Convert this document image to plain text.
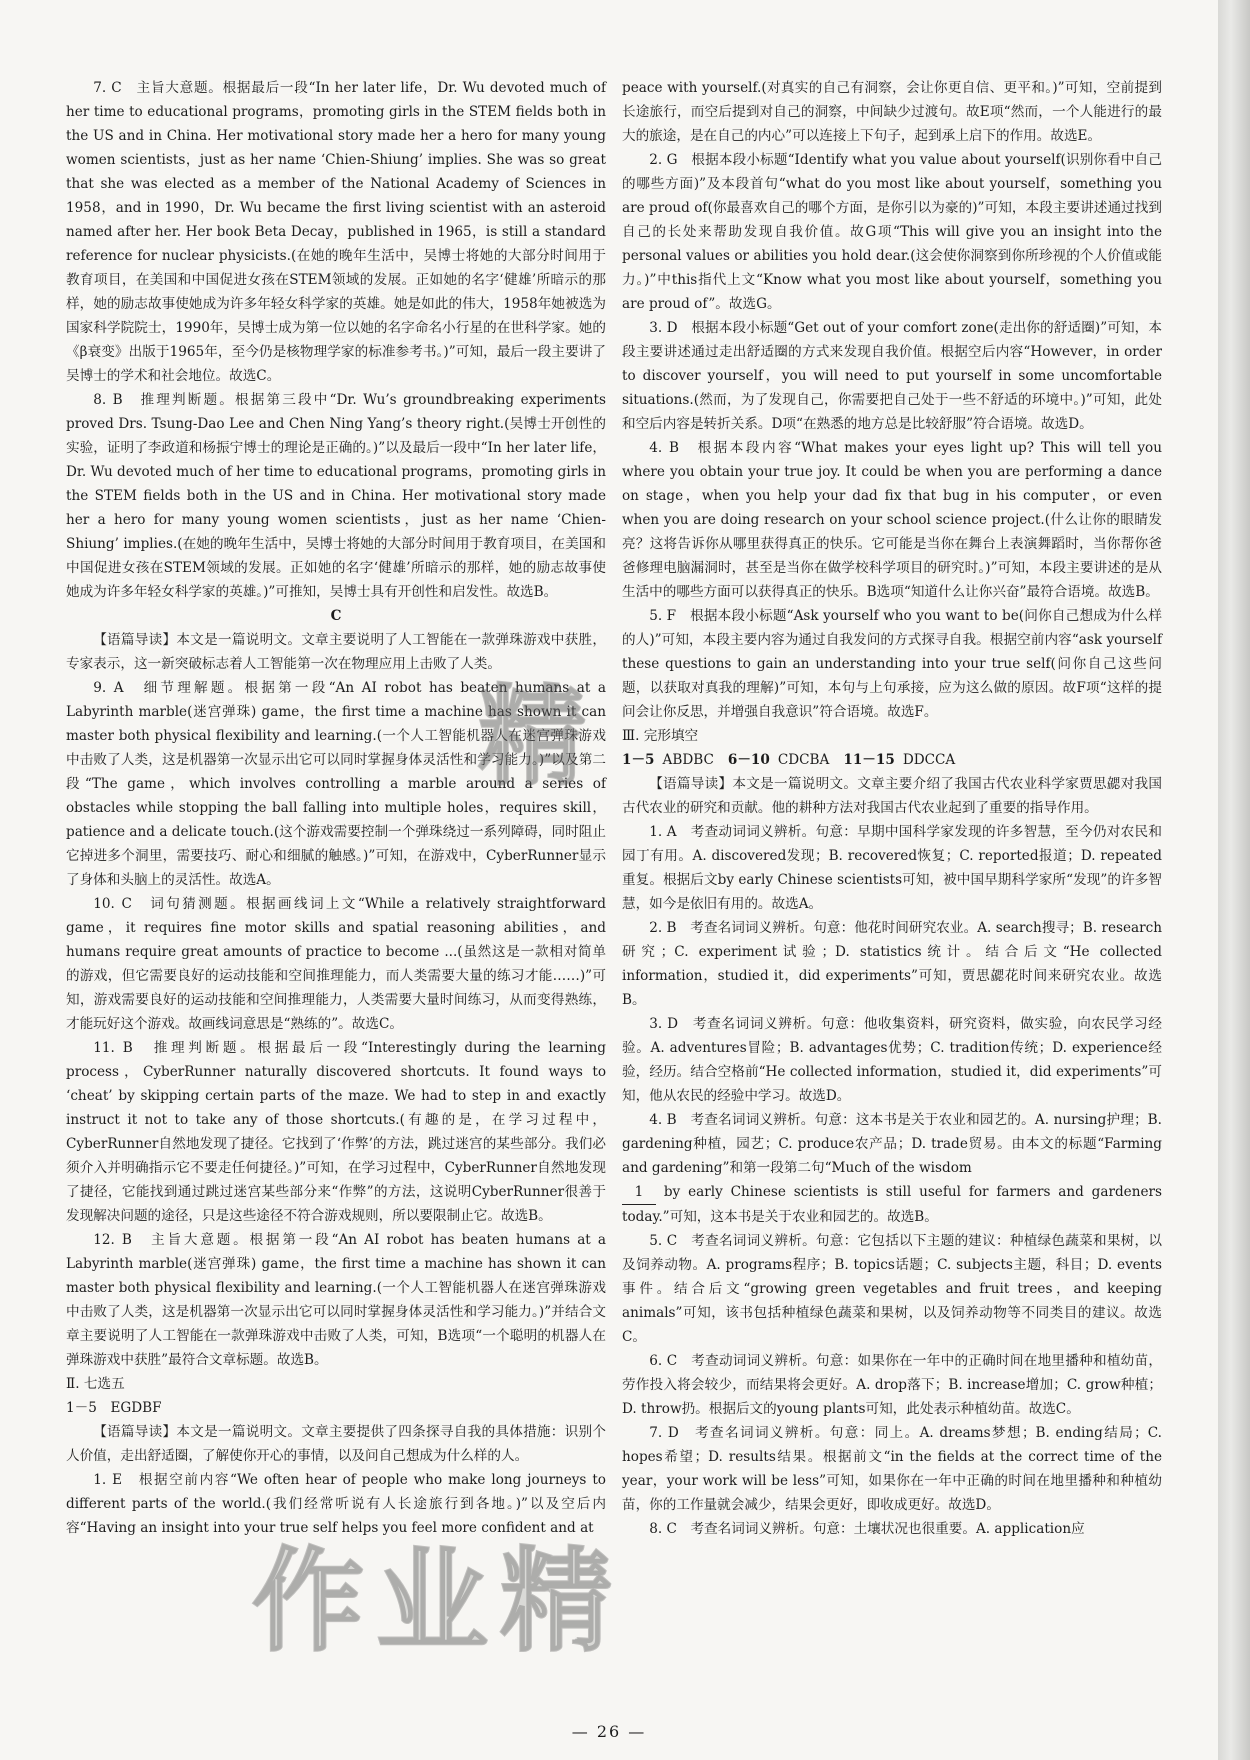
7. C　主旨大意题。根据最后一段“In her later life，Dr. Wu devoted much of her time to educational programs，promoting girls in the STEM fields both in the US and in China. Her motivational story made her a hero for many young women scientists，just as her name ‘Chien-Shiung’ implies. She was so great that she was elected as a member of the National Academy of Sciences in 1958，and in 1990，Dr. Wu became the first living scientist with an asteroid named after her. Her book Beta Decay，published in 1965，is still a standard reference for nuclear physicists.(在她的晚年生活中，吴博士将她的大部分时间用于教育项目，在美国和中国促进女孩在STEM领域的发展。正如她的名字‘健雄’所暗示的那样，她的励志故事使她成为许多年轻女科学家的英雄。她是如此的伟大，1958年她被选为国家科学院院士，1990年，吴博士成为第一位以她的名字命名小行星的在世科学家。她的《β衰变》出版于1965年，至今仍是核物理学家的标准参考书。)”可知，最后一段主要讲了吴博士的学术和社会地位。故选C。

8. B　推理判断题。根据第三段中“Dr. Wu’s groundbreaking experiments proved Drs. Tsung-Dao Lee and Chen Ning Yang’s theory right.(吴博士开创性的实验，证明了李政道和杨振宁博士的理论是正确的。)”以及最后一段中“In her later life，Dr. Wu devoted much of her time to educational programs，promoting girls in the STEM fields both in the US and in China. Her motivational story made her a hero for many young women scientists，just as her name ‘Chien-Shiung’ implies.(在她的晚年生活中，吴博士将她的大部分时间用于教育项目，在美国和中国促进女孩在STEM领域的发展。正如她的名字‘健雄’所暗示的那样，她的励志故事使她成为许多年轻女科学家的英雄。)”可推知，吴博士具有开创性和启发性。故选B。

C

【语篇导读】本文是一篇说明文。文章主要说明了人工智能在一款弹珠游戏中获胜，专家表示，这一新突破标志着人工智能第一次在物理应用上击败了人类。

9. A　细节理解题。根据第一段“An AI robot has beaten humans at a Labyrinth marble(迷宫弹珠) game，the first time a machine has shown it can master both physical flexibility and learning.(一个人工智能机器人在迷宫弹珠游戏中击败了人类，这是机器第一次显示出它可以同时掌握身体灵活性和学习能力。)”以及第二段“The game，which involves controlling a marble around a series of obstacles while stopping the ball falling into multiple holes，requires skill，patience and a delicate touch.(这个游戏需要控制一个弹珠绕过一系列障碍，同时阻止它掉进多个洞里，需要技巧、耐心和细腻的触感。)”可知，在游戏中，CyberRunner显示了身体和头脑上的灵活性。故选A。

10. C　词句猜测题。根据画线词上文“While a relatively straightforward game，it requires fine motor skills and spatial reasoning abilities，and humans require great amounts of practice to become ...(虽然这是一款相对简单的游戏，但它需要良好的运动技能和空间推理能力，而人类需要大量的练习才能……)”可知，游戏需要良好的运动技能和空间推理能力，人类需要大量时间练习，从而变得熟练，才能玩好这个游戏。故画线词意思是“熟练的”。故选C。

11. B　推理判断题。根据最后一段“Interestingly during the learning process，CyberRunner naturally discovered shortcuts. It found ways to ‘cheat’ by skipping certain parts of the maze. We had to step in and exactly instruct it not to take any of those shortcuts.(有趣的是，在学习过程中，CyberRunner自然地发现了捷径。它找到了‘作弊’的方法，跳过迷宫的某些部分。我们必须介入并明确指示它不要走任何捷径。)”可知，在学习过程中，CyberRunner自然地发现了捷径，它能找到通过跳过迷宫某些部分来“作弊”的方法，这说明CyberRunner很善于发现解决问题的途径，只是这些途径不符合游戏规则，所以要限制止它。故选B。

12. B　主旨大意题。根据第一段“An AI robot has beaten humans at a Labyrinth marble(迷宫弹珠) game，the first time a machine has shown it can master both physical flexibility and learning.(一个人工智能机器人在迷宫弹珠游戏中击败了人类，这是机器第一次显示出它可以同时掌握身体灵活性和学习能力。)”并结合文章主要说明了人工智能在一款弹珠游戏中击败了人类，可知，B选项“一个聪明的机器人在弹珠游戏中获胜”最符合文章标题。故选B。

Ⅱ. 七选五

1－5　EGDBF

【语篇导读】本文是一篇说明文。文章主要提供了四条探寻自我的具体措施：识别个人价值，走出舒适圈，了解使你开心的事情，以及问自己想成为什么样的人。

1. E　根据空前内容“We often hear of people who make long journeys to different parts of the world.(我们经常听说有人长途旅行到各地。)”以及空后内容“Having an insight into your true self helps you feel more confident and at

peace with yourself.(对真实的自己有洞察，会让你更自信、更平和。)”可知，空前提到长途旅行，而空后提到对自己的洞察，中间缺少过渡句。故E项“然而，一个人能进行的最大的旅途，是在自己的内心”可以连接上下句子，起到承上启下的作用。故选E。

2. G　根据本段小标题“Identify what you value about yourself(识别你看中自己的哪些方面)”及本段首句“what do you most like about yourself，something you are proud of(你最喜欢自己的哪个方面，是你引以为豪的)”可知，本段主要讲述通过找到自己的长处来帮助发现自我价值。故G项“This will give you an insight into the personal values or abilities you hold dear.(这会使你洞察到你所珍视的个人价值或能力。)”中this指代上文“Know what you most like about yourself，something you are proud of”。故选G。

3. D　根据本段小标题“Get out of your comfort zone(走出你的舒适圈)”可知，本段主要讲述通过走出舒适圈的方式来发现自我价值。根据空后内容“However，in order to discover yourself，you will need to put yourself in some uncomfortable situations.(然而，为了发现自己，你需要把自己处于一些不舒适的环境中。)”可知，此处和空后内容是转折关系。D项“在熟悉的地方总是比较舒服”符合语境。故选D。

4. B　根据本段内容“What makes your eyes light up? This will tell you where you obtain your true joy. It could be when you are performing a dance on stage，when you help your dad fix that bug in his computer，or even when you are doing research on your school science project.(什么让你的眼睛发亮？这将告诉你从哪里获得真正的快乐。它可能是当你在舞台上表演舞蹈时，当你帮你爸爸修理电脑漏洞时，甚至是当你在做学校科学项目的研究时。)”可知，本段主要讲述的是从生活中的哪些方面可以获得真正的快乐。B选项“知道什么让你兴奋”最符合语境。故选B。

5. F　根据本段小标题“Ask yourself who you want to be(问你自己想成为什么样的人)”可知，本段主要内容为通过自我发问的方式探寻自我。根据空前内容“ask yourself these questions to gain an understanding into your true self(问你自己这些问题，以获取对真我的理解)”可知，本句与上句承接，应为这么做的原因。故F项“这样的提问会让你反思，并增强自我意识”符合语境。故选F。

Ⅲ. 完形填空

1－5 ABDBC 6－10 CDCBA 11－15 DDCCA

【语篇导读】本文是一篇说明文。文章主要介绍了我国古代农业科学家贾思勰对我国古代农业的研究和贡献。他的耕种方法对我国古代农业起到了重要的指导作用。

1. A　考查动词词义辨析。句意：早期中国科学家发现的许多智慧，至今仍对农民和园丁有用。A. discovered发现；B. recovered恢复；C. reported报道；D. repeated重复。根据后文by early Chinese scientists可知，被中国早期科学家所“发现”的许多智慧，如今是依旧有用的。故选A。

2. B　考查名词词义辨析。句意：他花时间研究农业。A. search搜寻；B. research研究；C. experiment试验；D. statistics统计。结合后文“He collected information，studied it，did experiments”可知，贾思勰花时间来研究农业。故选B。

3. D　考查名词词义辨析。句意：他收集资料，研究资料，做实验，向农民学习经验。A. adventures冒险；B. advantages优势；C. tradition传统；D. experience经验，经历。结合空格前“He collected information，studied it，did experiments”可知，他从农民的经验中学习。故选D。

4. B　考查名词词义辨析。句意：这本书是关于农业和园艺的。A. nursing护理；B. gardening种植，园艺；C. produce农产品；D. trade贸易。由本文的标题“Farming and gardening”和第一段第二句“Much of the wisdom

1 by early Chinese scientists is still useful for farmers and gardeners today.”可知，这本书是关于农业和园艺的。故选B。

5. C　考查名词词义辨析。句意：它包括以下主题的建议：种植绿色蔬菜和果树，以及饲养动物。A. programs程序；B. topics话题；C. subjects主题，科目；D. events事件。结合后文“growing green vegetables and fruit trees，and keeping animals”可知，该书包括种植绿色蔬菜和果树，以及饲养动物等不同类目的建议。故选C。

6. C　考查动词词义辨析。句意：如果你在一年中的正确时间在地里播种和植幼苗，劳作投入将会较少，而结果将会更好。A. drop落下；B. increase增加；C. grow种植；D. throw扔。根据后文的young plants可知，此处表示种植幼苗。故选C。

7. D　考查名词词义辨析。句意：同上。A. dreams梦想；B. ending结局；C. hopes希望；D. results结果。根据前文“in the fields at the correct time of the year，your work will be less”可知，如果你在一年中正确的时间在地里播种和种植幼苗，你的工作量就会减少，结果会更好，即收成更好。故选D。

8. C　考查名词词义辨析。句意：土壤状况也很重要。A. application应

— 26 —
精
作业精
